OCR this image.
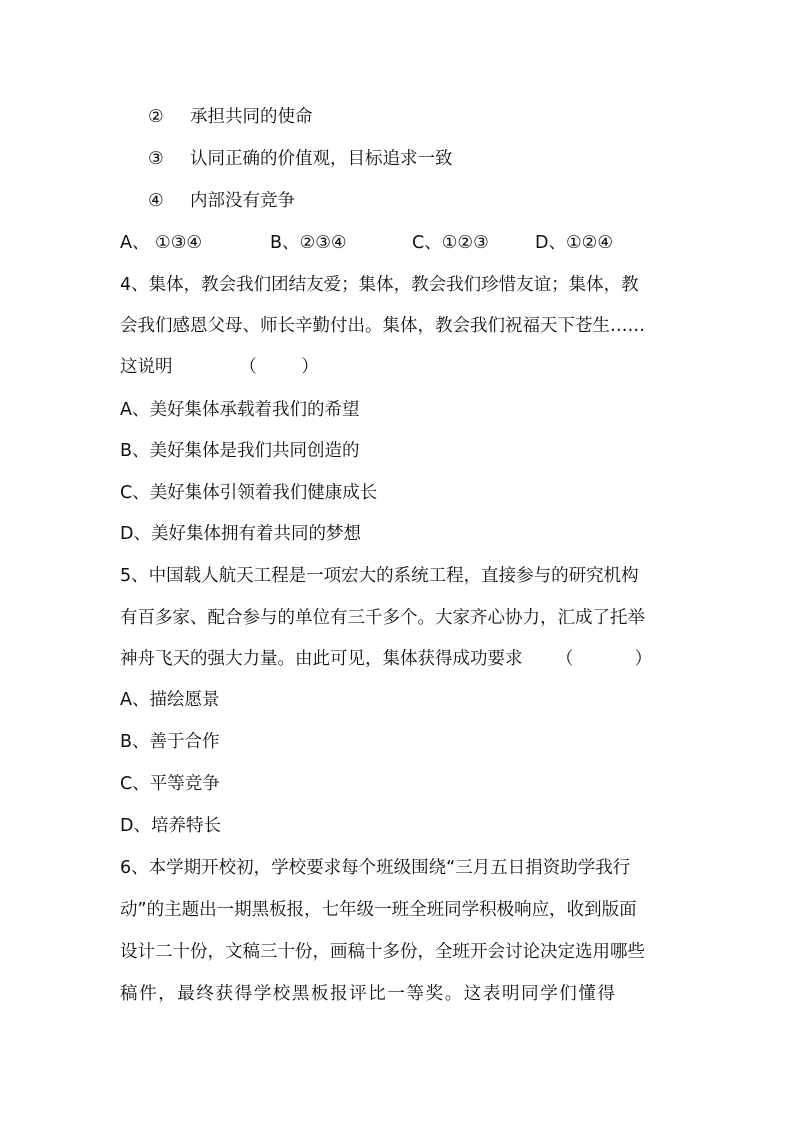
② 承担共同的使命
③ 认同正确的价值观，目标追求一致
④ 内部没有竞争
A、 ①③④	B、②③④	C、①②③	D、①②④
4、集体，教会我们团结友爱；集体，教会我们珍惜友谊；集体，教
会我们感恩父母、师长辛勤付出。集体，教会我们祝福天下苍生……
这说明            （        ）
A、美好集体承载着我们的希望
B、美好集体是我们共同创造的
C、美好集体引领着我们健康成长
D、美好集体拥有着共同的梦想
5、中国载人航天工程是一项宏大的系统工程，直接参与的研究机构
有百多家、配合参与的单位有三千多个。大家齐心协力，汇成了托举
神舟飞天的强大力量。由此可见，集体获得成功要求      （           ）
A、描绘愿景
B、善于合作
C、平等竞争
D、培养特长
6、本学期开校初，学校要求每个班级围绕“三月五日捐资助学我行
动”的主题出一期黑板报，七年级一班全班同学积极响应，收到版面
设计二十份，文稿三十份，画稿十多份，全班开会讨论决定选用哪些
稿件，最终获得学校黑板报评比一等奖。这表明同学们懂得
